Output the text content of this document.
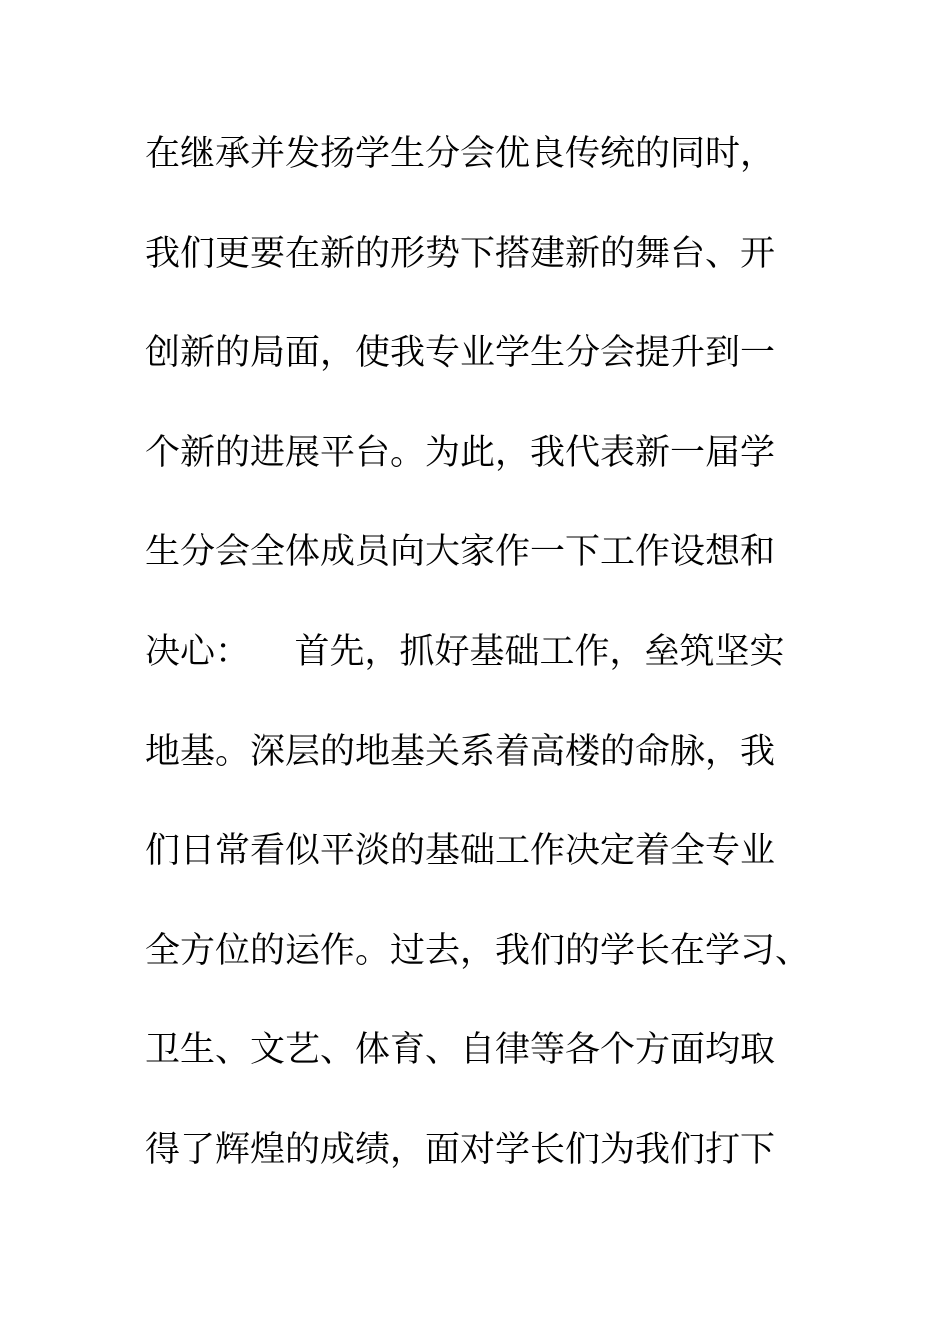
在继承并发扬学生分会优良传统的同时，
我们更要在新的形势下搭建新的舞台、开
创新的局面，使我专业学生分会提升到一
个新的进展平台。为此，我代表新一届学
生分会全体成员向大家作一下工作设想和
决心：    首先，抓好基础工作，垒筑坚实
地基。深层的地基关系着高楼的命脉，我
们日常看似平淡的基础工作决定着全专业
全方位的运作。过去，我们的学长在学习、
卫生、文艺、体育、自律等各个方面均取
得了辉煌的成绩，面对学长们为我们打下
